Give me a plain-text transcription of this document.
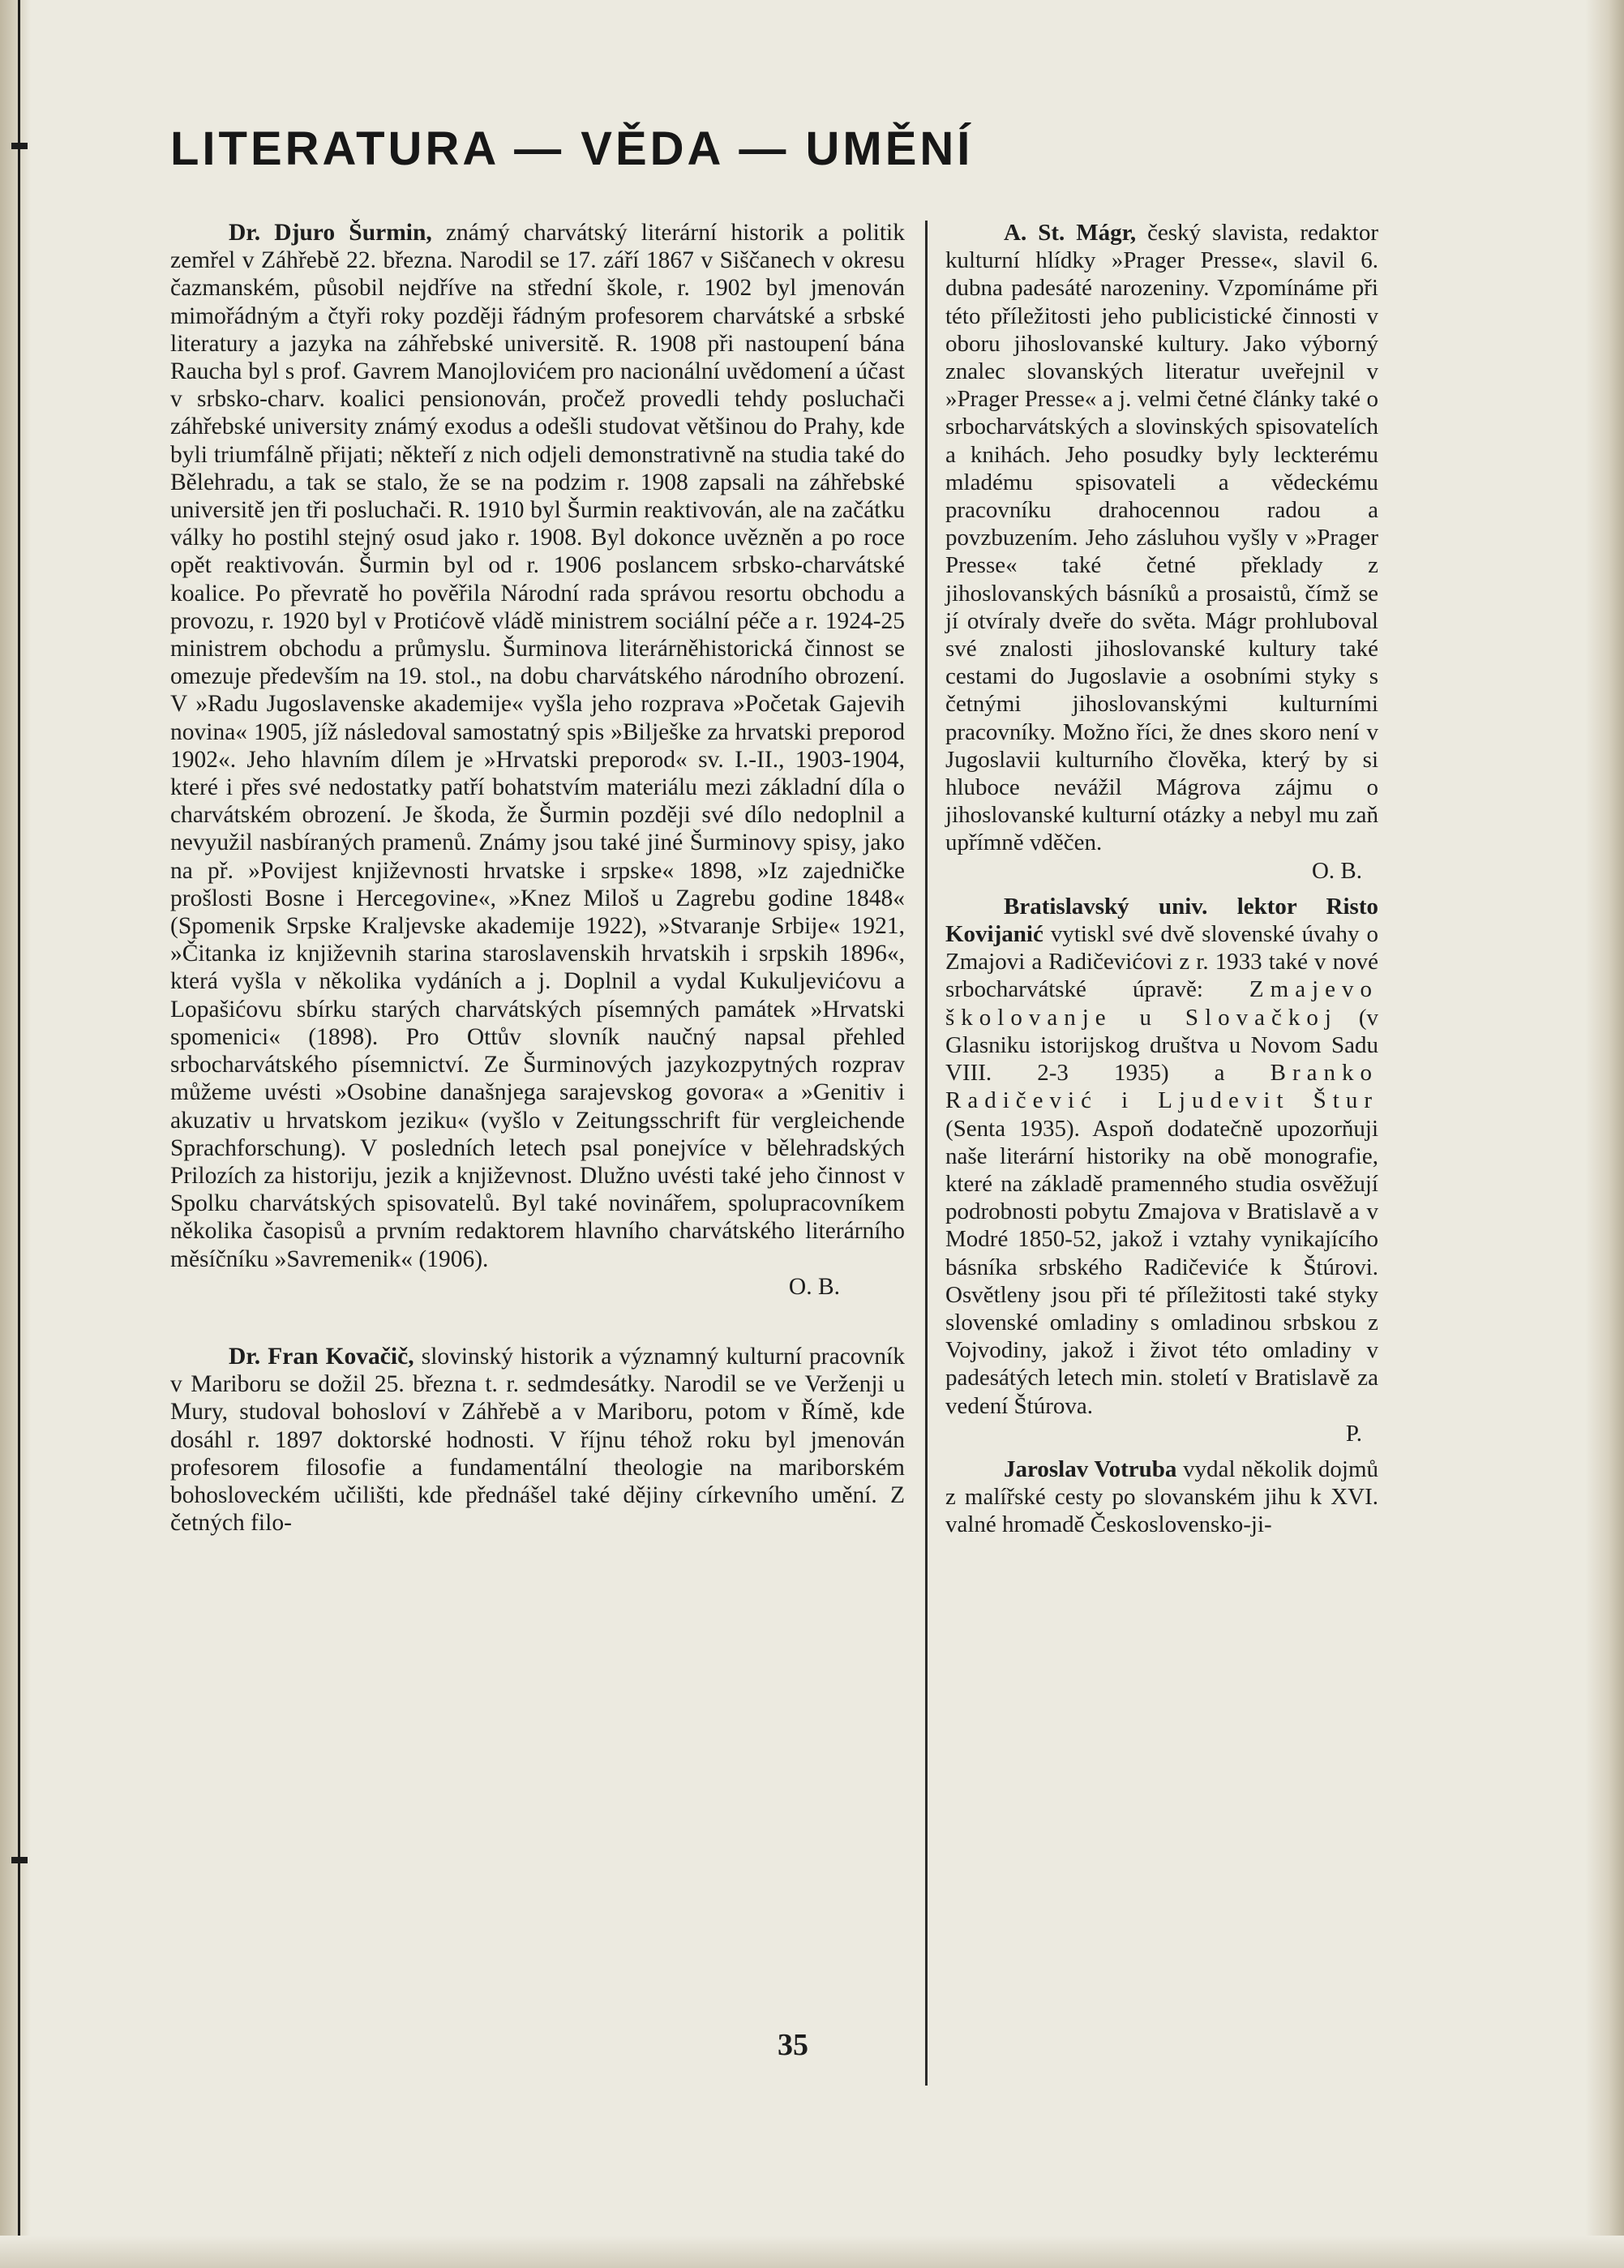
LITERATURA — VĚDA — UMĚNÍ

Dr. Djuro Šurmin, známý charvátský literární historik a politik zemřel v Záhřebě 22. března. Narodil se 17. září 1867 v Siščanech v okresu čazmanském, působil nejdříve na střední škole, r. 1902 byl jmenován mimořádným a čtyři roky později řádným profesorem charvátské a srbské literatury a jazyka na záhřebské universitě. R. 1908 při nastoupení bána Raucha byl s prof. Gavrem Manojlovićem pro nacionální uvědomení a účast v srbsko-charv. koalici pensionován, pročež provedli tehdy posluchači záhřebské university známý exodus a odešli studovat většinou do Prahy, kde byli triumfálně přijati; někteří z nich odjeli demonstrativně na studia také do Bělehradu, a tak se stalo, že se na podzim r. 1908 zapsali na záhřebské universitě jen tři posluchači. R. 1910 byl Šurmin reaktivován, ale na začátku války ho postihl stejný osud jako r. 1908. Byl dokonce uvězněn a po roce opět reaktivován. Šurmin byl od r. 1906 poslancem srbsko-charvátské koalice. Po převratě ho pověřila Národní rada správou resortu obchodu a provozu, r. 1920 byl v Protićově vládě ministrem sociální péče a r. 1924-25 ministrem obchodu a průmyslu. Šurminova literárněhistorická činnost se omezuje především na 19. stol., na dobu charvátského národního obrození. V »Radu Jugoslavenske akademije« vyšla jeho rozprava »Početak Gajevih novina« 1905, jíž následoval samostatný spis »Bilješke za hrvatski preporod 1902«. Jeho hlavním dílem je »Hrvatski preporod« sv. I.-II., 1903-1904, které i přes své nedostatky patří bohatstvím materiálu mezi základní díla o charvátském obrození. Je škoda, že Šurmin později své dílo nedoplnil a nevyužil nasbíraných pramenů. Známy jsou také jiné Šurminovy spisy, jako na př. »Povijest književnosti hrvatske i srpske« 1898, »Iz zajedničke prošlosti Bosne i Hercegovine«, »Knez Miloš u Zagrebu godine 1848« (Spomenik Srpske Kraljevske akademije 1922), »Stvaranje Srbije« 1921, »Čitanka iz književnih starina staroslavenskih hrvatskih i srpskih 1896«, která vyšla v několika vydáních a j. Doplnil a vydal Kukuljevićovu a Lopašićovu sbírku starých charvátských písemných památek »Hrvatski spomenici« (1898). Pro Ottův slovník naučný napsal přehled srbocharvátského písemnictví. Ze Šurminových jazykozpytných rozprav můžeme uvésti »Osobine današnjega sarajevskog govora« a »Genitiv i akuzativ u hrvatskom jeziku« (vyšlo v Zeitungsschrift für vergleichende Sprachforschung). V posledních letech psal ponejvíce v bělehradských Prilozích za historiju, jezik a književnost. Dlužno uvésti také jeho činnost v Spolku charvátských spisovatelů. Byl také novinářem, spolupracovníkem několika časopisů a prvním redaktorem hlavního charvátského literárního měsíčníku »Savremenik« (1906).
O. B.

Dr. Fran Kovačič, slovinský historik a významný kulturní pracovník v Mariboru se dožil 25. března t. r. sedmdesátky. Narodil se ve Verženji u Mury, studoval bohosloví v Záhřebě a v Mariboru, potom v Římě, kde dosáhl r. 1897 doktorské hodnosti. V říjnu téhož roku byl jmenován profesorem filosofie a fundamentální theologie na mariborském bohosloveckém učilišti, kde přednášel také dějiny církevního umění. Z četných filo-

A. St. Mágr, český slavista, redaktor kulturní hlídky »Prager Presse«, slavil 6. dubna padesáté narozeniny. Vzpomínáme při této příležitosti jeho publicistické činnosti v oboru jihoslovanské kultury. Jako výborný znalec slovanských literatur uveřejnil v »Prager Presse« a j. velmi četné články také o srbocharvátských a slovinských spisovatelích a knihách. Jeho posudky byly leckterému mladému spisovateli a vědeckému pracovníku drahocennou radou a povzbuzením. Jeho zásluhou vyšly v »Prager Presse« také četné překlady z jihoslovanských básníků a prosaistů, čímž se jí otvíraly dveře do světa. Mágr prohluboval své znalosti jihoslovanské kultury také cestami do Jugoslavie a osobními styky s četnými jihoslovanskými kulturními pracovníky. Možno říci, že dnes skoro není v Jugoslavii kulturního člověka, který by si hluboce nevážil Mágrova zájmu o jihoslovanské kulturní otázky a nebyl mu zaň upřímně vděčen.
O. B.

Bratislavský univ. lektor Risto Kovijanić vytiskl své dvě slovenské úvahy o Zmajovi a Radičevićovi z r. 1933 také v nové srbocharvátské úpravě: Zmajevo školovanje u Slovačkoj (v Glasniku istorijskog društva u Novom Sadu VIII. 2-3 1935) a Branko Radičević i Ljudevit Štur (Senta 1935). Aspoň dodatečně upozorňuji naše literární historiky na obě monografie, které na základě pramenného studia osvěžují podrobnosti pobytu Zmajova v Bratislavě a v Modré 1850-52, jakož i vztahy vynikajícího básníka srbského Radičeviće k Štúrovi. Osvětleny jsou při té příležitosti také styky slovenské omladiny s omladinou srbskou z Vojvodiny, jakož i život této omladiny v padesátých letech min. století v Bratislavě za vedení Štúrova.
P.

Jaroslav Votruba vydal několik dojmů z malířské cesty po slovanském jihu k XVI. valné hromadě Československo-ji-

35
